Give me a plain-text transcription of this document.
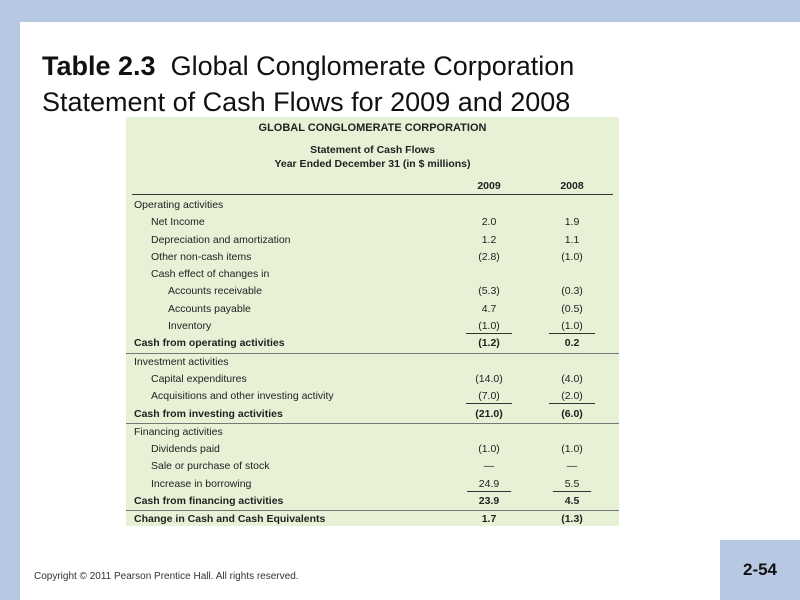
Table 2.3 Global Conglomerate Corporation
Statement of Cash Flows for 2009 and 2008
GLOBAL CONGLOMERATE CORPORATION
Statement of Cash Flows
Year Ended December 31 (in $ millions)
2009	2008
Operating activities
Net Income	2.0	1.9
Depreciation and amortization	1.2	1.1
Other non-cash items	(2.8)	(1.0)
Cash effect of changes in
Accounts receivable	(5.3)	(0.3)
Accounts payable	4.7	(0.5)
Inventory	(1.0)	(1.0)
Cash from operating activities	(1.2)	0.2
Investment activities
Capital expenditures	(14.0)	(4.0)
Acquisitions and other investing activity	(7.0)	(2.0)
Cash from investing activities	(21.0)	(6.0)
Financing activities
Dividends paid	(1.0)	(1.0)
Sale or purchase of stock	—	—
Increase in borrowing	24.9	5.5
Cash from financing activities	23.9	4.5
Change in Cash and Cash Equivalents	1.7	(1.3)
2-54
Copyright © 2011 Pearson Prentice Hall. All rights reserved.
